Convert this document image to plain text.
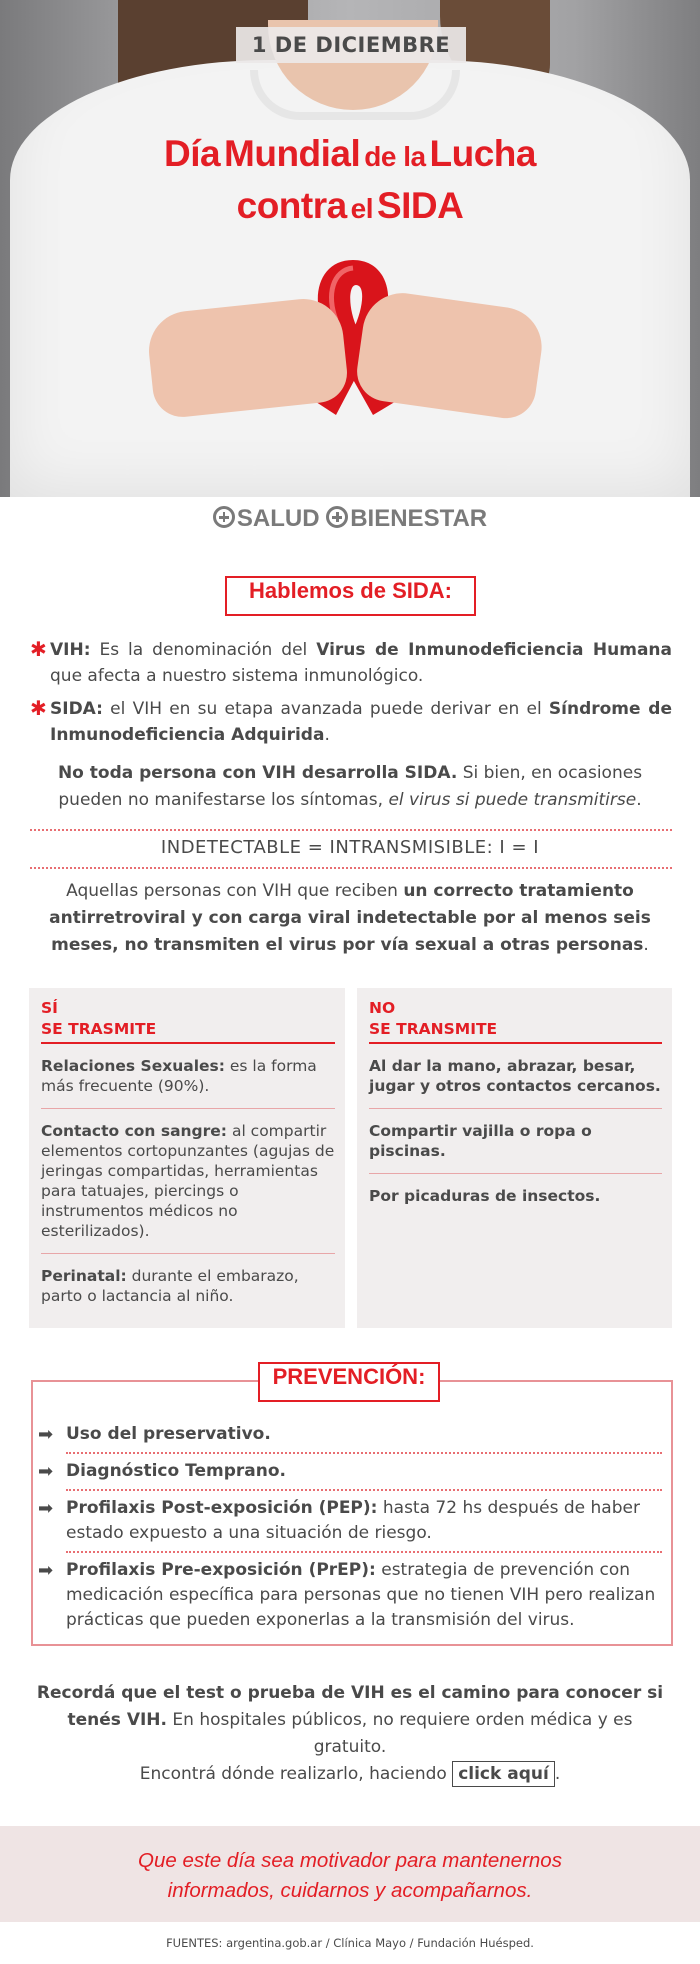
1 DE DICIEMBRE
Día Mundial de la Lucha
contra el SIDA
SALUD BIENESTAR
Hablemos de SIDA:
✱ VIH: Es la denominación del Virus de Inmunodeficiencia Humana que afecta a nuestro sistema inmunológico.
✱ SIDA: el VIH en su etapa avanzada puede derivar en el Síndrome de Inmunodeficiencia Adquirida.
No toda persona con VIH desarrolla SIDA. Si bien, en ocasiones pueden no manifestarse los síntomas, el virus si puede transmitirse.
INDETECTABLE = INTRANSMISIBLE: I = I
Aquellas personas con VIH que reciben un correcto tratamiento antirretroviral y con carga viral indetectable por al menos seis meses, no transmiten el virus por vía sexual a otras personas.
SÍ
SE TRASMITE
Relaciones Sexuales: es la forma más frecuente (90%).
Contacto con sangre: al compartir elementos cortopunzantes (agujas de jeringas compartidas, herramientas para tatuajes, piercings o instrumentos médicos no esterilizados).
Perinatal: durante el embarazo, parto o lactancia al niño.
NO
SE TRANSMITE
Al dar la mano, abrazar, besar, jugar y otros contactos cercanos.
Compartir vajilla o ropa o piscinas.
Por picaduras de insectos.
PREVENCIÓN:
➡ Uso del preservativo.
➡ Diagnóstico Temprano.
➡ Profilaxis Post-exposición (PEP): hasta 72 hs después de haber estado expuesto a una situación de riesgo.
➡ Profilaxis Pre-exposición (PrEP): estrategia de prevención con medicación específica para personas que no tienen VIH pero realizan prácticas que pueden exponerlas a la transmisión del virus.
Recordá que el test o prueba de VIH es el camino para conocer si tenés VIH. En hospitales públicos, no requiere orden médica y es gratuito.
Encontrá dónde realizarlo, haciendo click aquí .
Que este día sea motivador para mantenernos
informados, cuidarnos y acompañarnos.
FUENTES: argentina.gob.ar / Clínica Mayo / Fundación Huésped.
